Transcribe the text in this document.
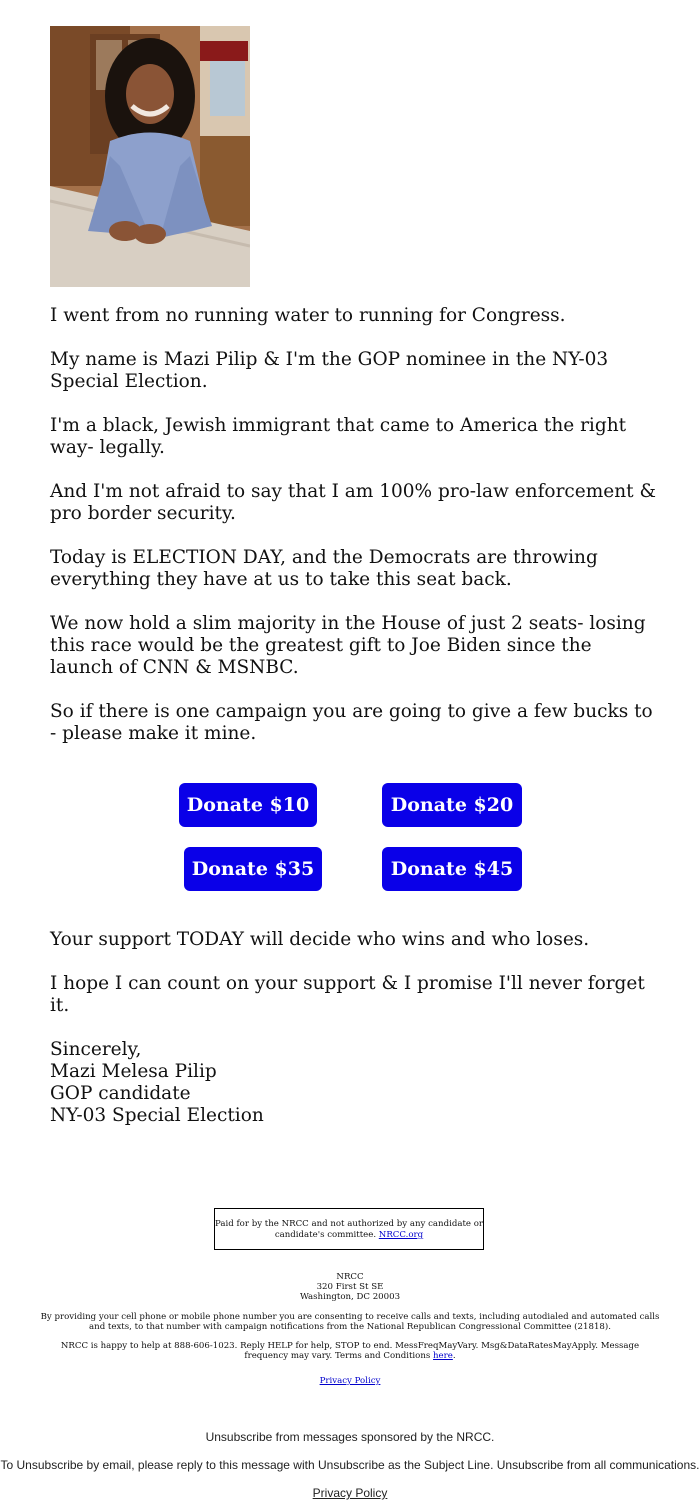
I went from no running water to running for Congress.

My name is Mazi Pilip & I'm the GOP nominee in the NY-03 Special Election.

I'm a black, Jewish immigrant that came to America the right way- legally.

And I'm not afraid to say that I am 100% pro-law enforcement & pro border security.

Today is ELECTION DAY, and the Democrats are throwing everything they have at us to take this seat back.

We now hold a slim majority in the House of just 2 seats- losing this race would be the greatest gift to Joe Biden since the launch of CNN & MSNBC.

So if there is one campaign you are going to give a few bucks to - please make it mine.

Donate $10	Donate $20
Donate $35	Donate $45

Your support TODAY will decide who wins and who loses.

I hope I can count on your support & I promise I'll never forget it.

Sincerely,
Mazi Melesa Pilip
GOP candidate
NY-03 Special Election

Paid for by the NRCC and not authorized by any candidate or candidate's committee. NRCC.org
NRCC
320 First St SE
Washington, DC 20003
By providing your cell phone or mobile phone number you are consenting to receive calls and texts, including autodialed and automated calls and texts, to that number with campaign notifications from the National Republican Congressional Committee (21818).
NRCC is happy to help at 888-606-1023. Reply HELP for help, STOP to end. MessFreqMayVary. Msg&DataRatesMayApply. Message frequency may vary. Terms and Conditions here.
Privacy Policy
Unsubscribe from messages sponsored by the NRCC.
To Unsubscribe by email, please reply to this message with Unsubscribe as the Subject Line. Unsubscribe from all communications.
Privacy Policy
